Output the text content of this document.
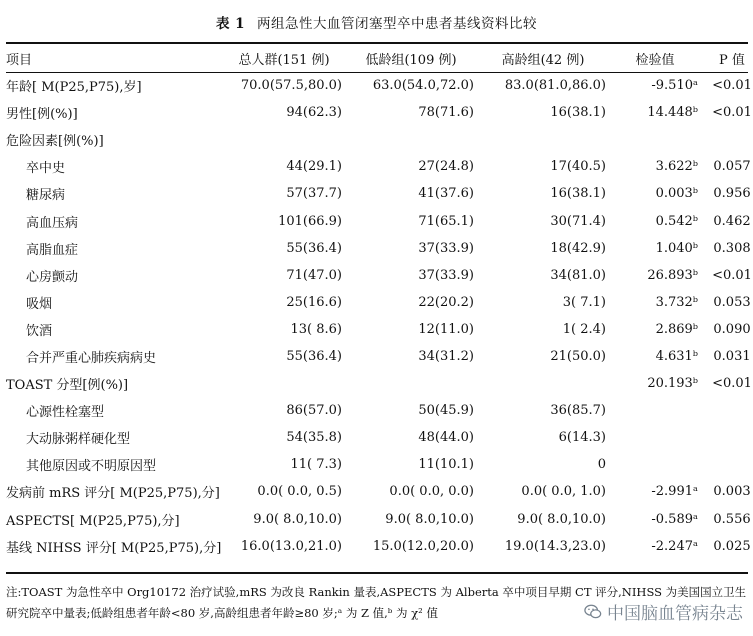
表 1 两组急性大血管闭塞型卒中患者基线资料比较
项目	总人群(151 例)	低龄组(109 例)	高龄组(42 例)	检验值	P 值
年龄[ M(P25,P75),岁]	70.0(57.5,80.0)	63.0(54.0,72.0)	83.0(81.0,86.0)	-9.510ᵃ	<0.01
男性[例(%)]	94(62.3)	78(71.6)	16(38.1)	14.448ᵇ	<0.01
危险因素[例(%)]					
卒中史	44(29.1)	27(24.8)	17(40.5)	3.622ᵇ	0.057
糖尿病	57(37.7)	41(37.6)	16(38.1)	0.003ᵇ	0.956
高血压病	101(66.9)	71(65.1)	30(71.4)	0.542ᵇ	0.462
高脂血症	55(36.4)	37(33.9)	18(42.9)	1.040ᵇ	0.308
心房颤动	71(47.0)	37(33.9)	34(81.0)	26.893ᵇ	<0.01
吸烟	25(16.6)	22(20.2)	3( 7.1)	3.732ᵇ	0.053
饮酒	13( 8.6)	12(11.0)	1( 2.4)	2.869ᵇ	0.090
合并严重心肺疾病病史	55(36.4)	34(31.2)	21(50.0)	4.631ᵇ	0.031
TOAST 分型[例(%)]				20.193ᵇ	<0.01
心源性栓塞型	86(57.0)	50(45.9)	36(85.7)		
大动脉粥样硬化型	54(35.8)	48(44.0)	6(14.3)		
其他原因或不明原因型	11( 7.3)	11(10.1)	0		
发病前 mRS 评分[ M(P25,P75),分]	0.0( 0.0, 0.5)	0.0( 0.0, 0.0)	0.0( 0.0, 1.0)	-2.991ᵃ	0.003
ASPECTS[ M(P25,P75),分]	9.0( 8.0,10.0)	9.0( 8.0,10.0)	9.0( 8.0,10.0)	-0.589ᵃ	0.556
基线 NIHSS 评分[ M(P25,P75),分]	16.0(13.0,21.0)	15.0(12.0,20.0)	19.0(14.3,23.0)	-2.247ᵃ	0.025
注:TOAST 为急性卒中 Org10172 治疗试验,mRS 为改良 Rankin 量表,ASPECTS 为 Alberta 卒中项目早期 CT 评分,NIHSS 为美国国立卫生研究院卒中量表;低龄组患者年龄<80 岁,高龄组患者年龄≥80 岁;ᵃ 为 Z 值,ᵇ 为 χ² 值	中国脑血管病杂志
